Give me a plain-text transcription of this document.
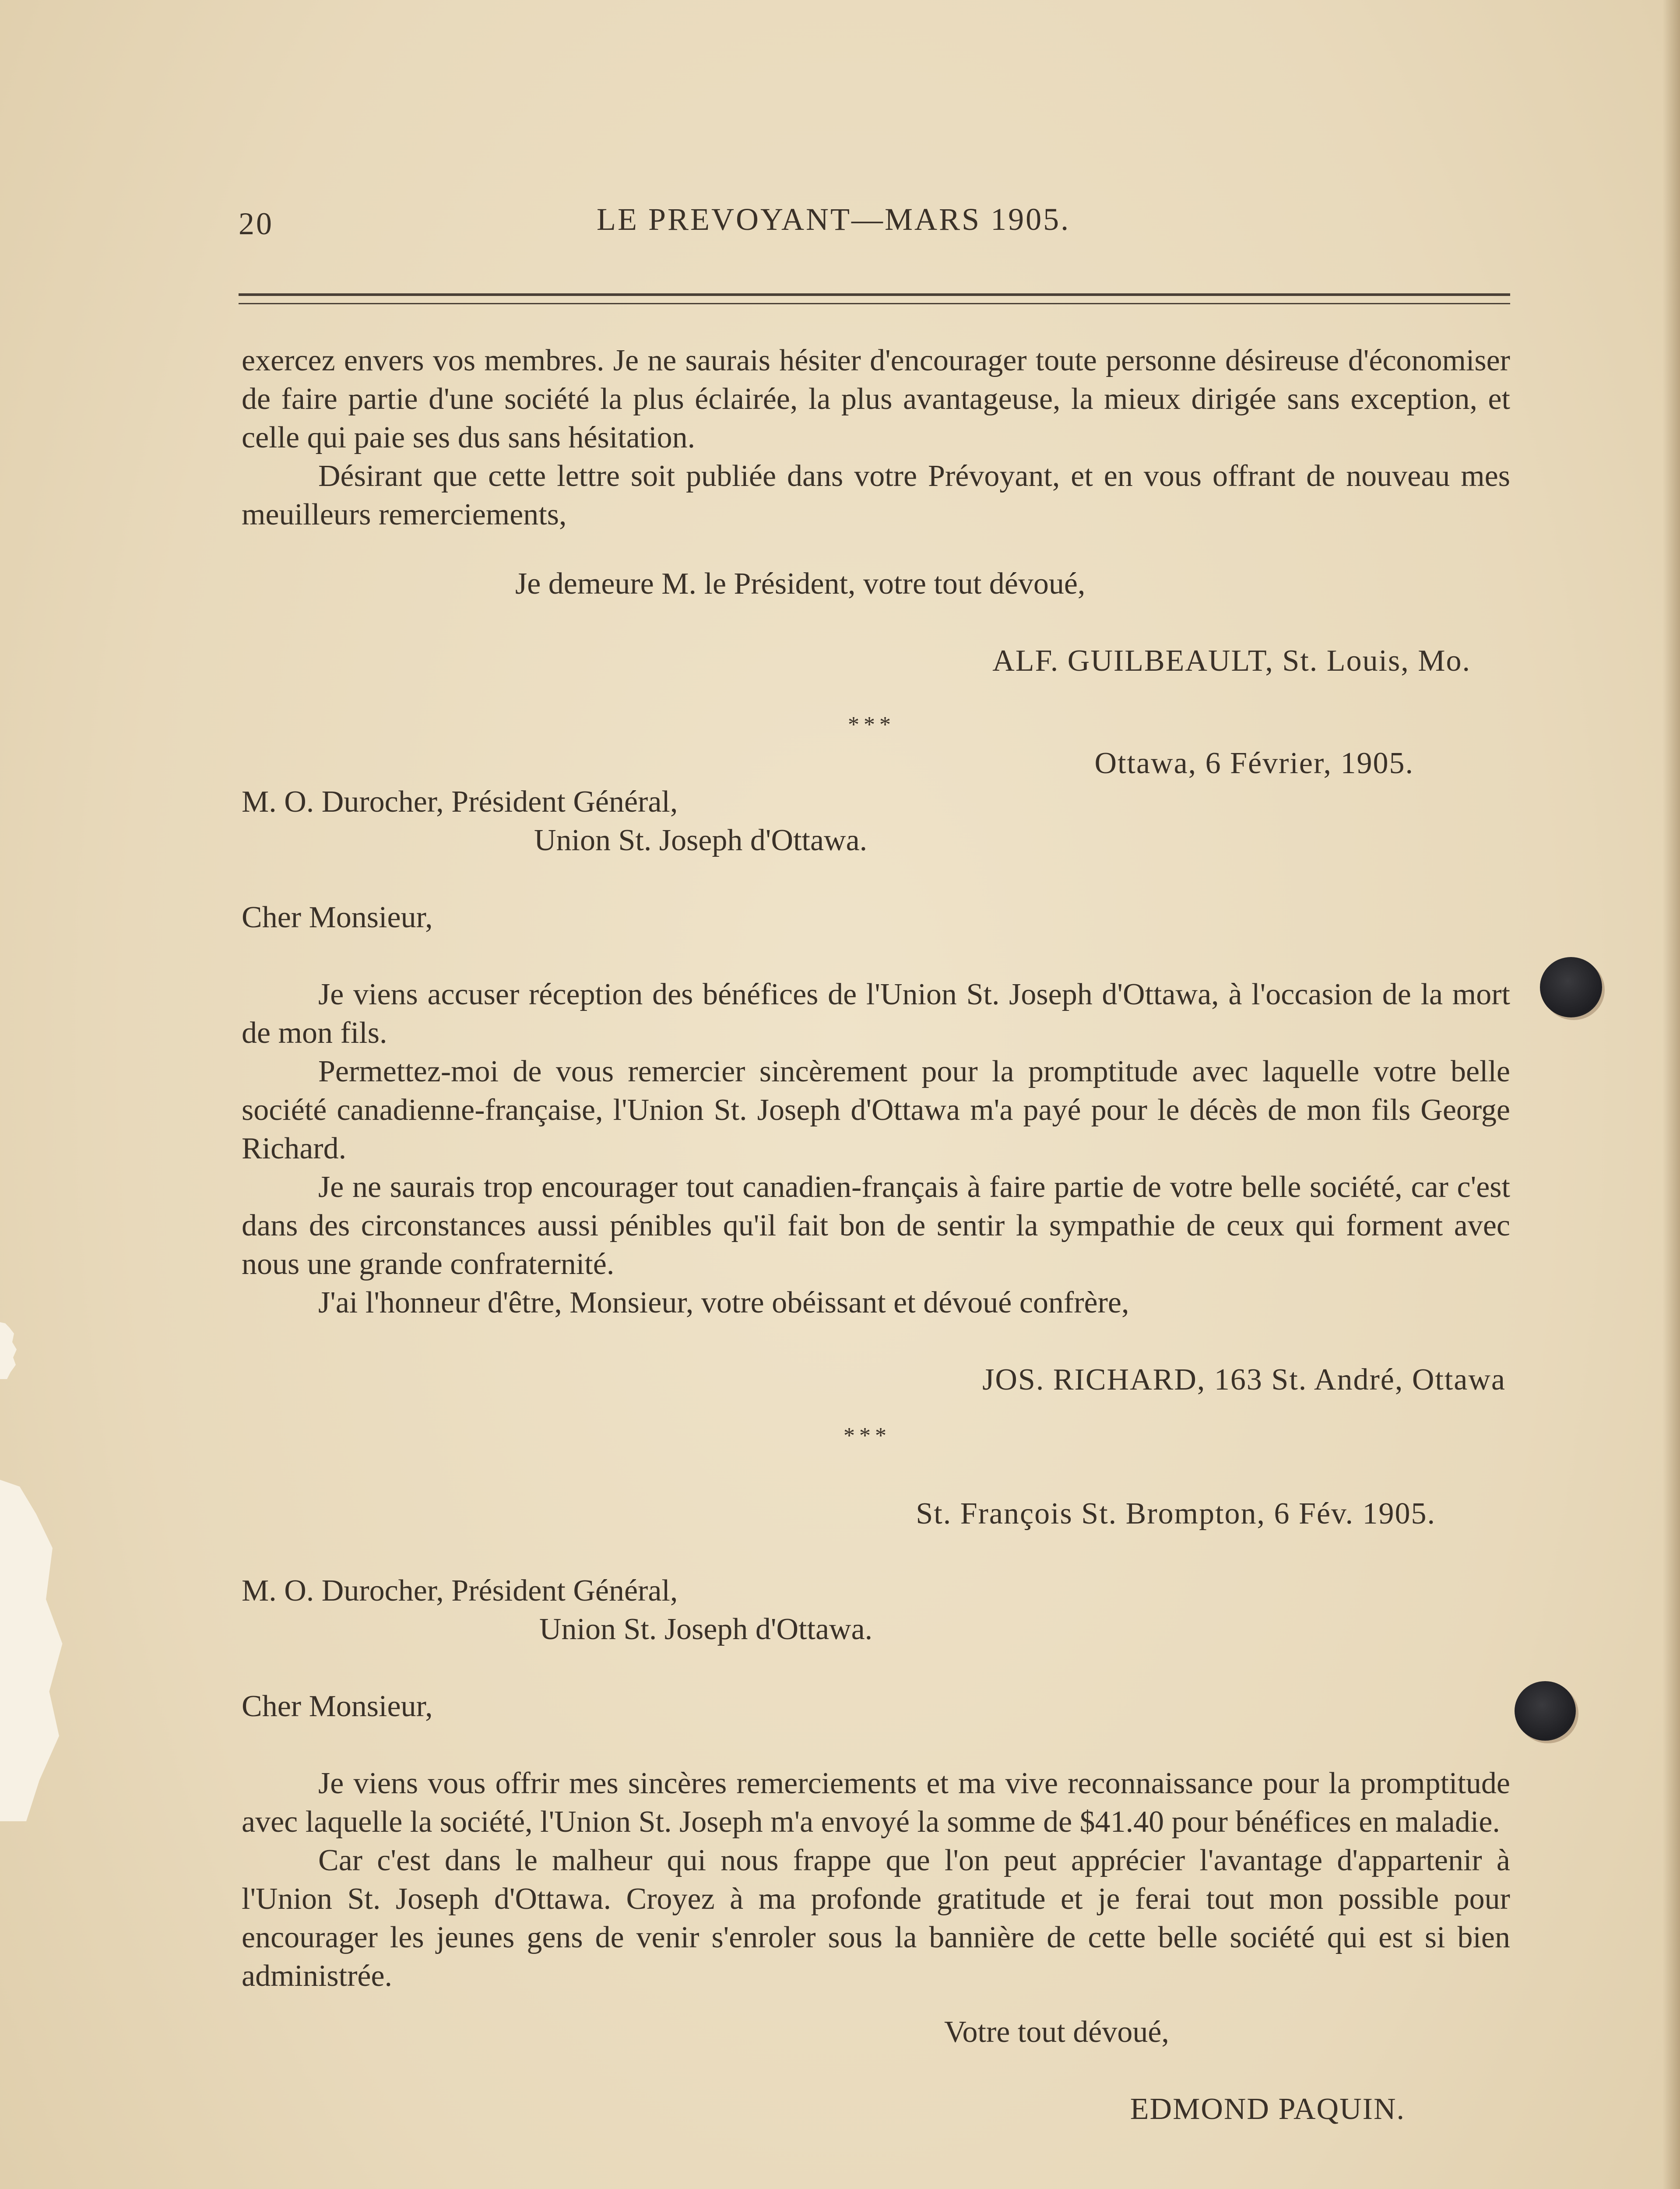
20	LE PREVOYANT—MARS 1905.

exercez envers vos membres. Je ne saurais hésiter d'encourager toute personne désireuse d'économiser de faire partie d'une société la plus éclairée, la plus avantageuse, la mieux dirigée sans exception, et celle qui paie ses dus sans hésitation.

Désirant que cette lettre soit publiée dans votre Prévoyant, et en vous offrant de nouveau mes meuilleurs remerciements,

Je demeure M. le Président, votre tout dévoué,

ALF. GUILBEAULT, St. Louis, Mo.

***

Ottawa, 6 Février, 1905.

M. O. Durocher, Président Général,

Union St. Joseph d'Ottawa.

Cher Monsieur,

Je viens accuser réception des bénéfices de l'Union St. Joseph d'Ottawa, à l'occasion de la mort de mon fils.

Permettez-moi de vous remercier sincèrement pour la promptitude avec laquelle votre belle société canadienne-française, l'Union St. Joseph d'Ottawa m'a payé pour le décès de mon fils George Richard.

Je ne saurais trop encourager tout canadien-français à faire partie de votre belle société, car c'est dans des circonstances aussi pénibles qu'il fait bon de sentir la sympathie de ceux qui forment avec nous une grande confraternité.

J'ai l'honneur d'être, Monsieur, votre obéissant et dévoué confrère,

JOS. RICHARD, 163 St. André, Ottawa

***

St. François St. Brompton, 6 Fév. 1905.

M. O. Durocher, Président Général,

Union St. Joseph d'Ottawa.

Cher Monsieur,

Je viens vous offrir mes sincères remerciements et ma vive reconnaissance pour la promptitude avec laquelle la société, l'Union St. Joseph m'a envoyé la somme de $41.40 pour bénéfices en maladie.

Car c'est dans le malheur qui nous frappe que l'on peut apprécier l'avantage d'appartenir à l'Union St. Joseph d'Ottawa. Croyez à ma profonde gratitude et je ferai tout mon possible pour encourager les jeunes gens de venir s'enroler sous la bannière de cette belle société qui est si bien administrée.

Votre tout dévoué,

EDMOND PAQUIN.
